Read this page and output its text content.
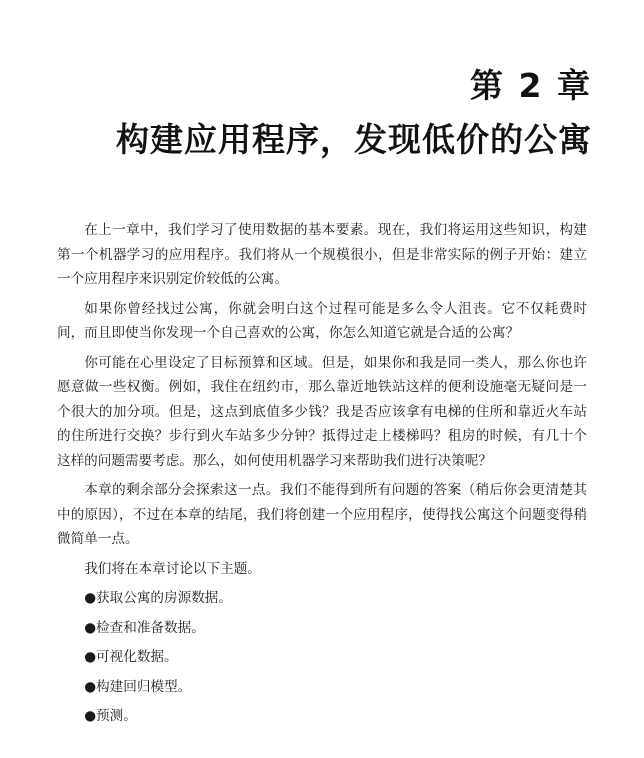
第 2 章
构建应用程序，发现低价的公寓

在上一章中，我们学习了使用数据的基本要素。现在，我们将运用这些知识，构建第一个机器学习的应用程序。我们将从一个规模很小，但是非常实际的例子开始：建立一个应用程序来识别定价较低的公寓。

如果你曾经找过公寓，你就会明白这个过程可能是多么令人沮丧。它不仅耗费时间，而且即使当你发现一个自己喜欢的公寓，你怎么知道它就是合适的公寓？

你可能在心里设定了目标预算和区域。但是，如果你和我是同一类人，那么你也许愿意做一些权衡。例如，我住在纽约市，那么靠近地铁站这样的便利设施毫无疑问是一个很大的加分项。但是，这点到底值多少钱？我是否应该拿有电梯的住所和靠近火车站的住所进行交换？步行到火车站多少分钟？抵得过走上楼梯吗？租房的时候，有几十个这样的问题需要考虑。那么，如何使用机器学习来帮助我们进行决策呢？

本章的剩余部分会探索这一点。我们不能得到所有问题的答案（稍后你会更清楚其中的原因），不过在本章的结尾，我们将创建一个应用程序，使得找公寓这个问题变得稍微简单一点。

我们将在本章讨论以下主题。

●获取公寓的房源数据。
●检查和准备数据。
●可视化数据。
●构建回归模型。
●预测。
